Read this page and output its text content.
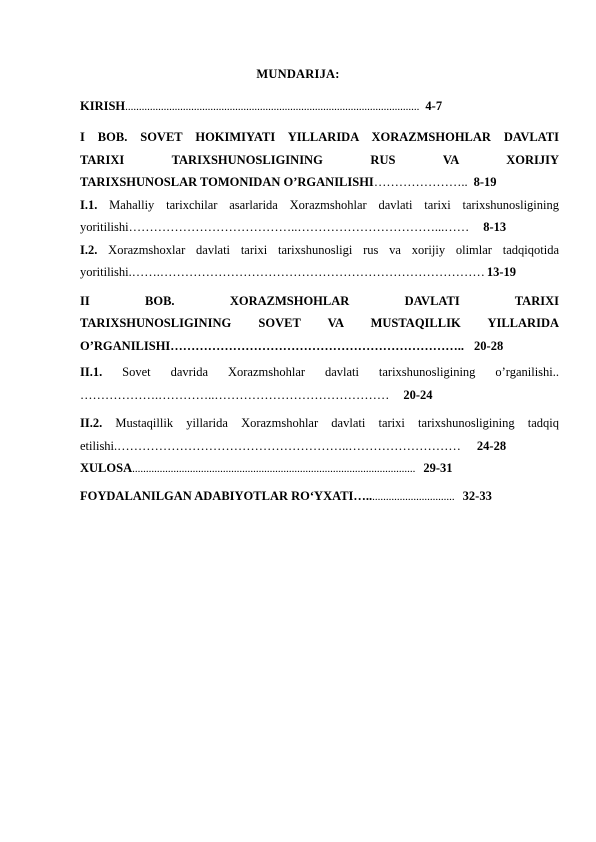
MUNDARIJA:
KIRISH........................................................................................................... 4-7
I BOB. SOVET HOKIMIYATI YILLARIDA XORAZMSHOHLAR DAVLATI
TARIXI TARIXSHUNOSLIGINING RUS VA XORIJIY
TARIXSHUNOSLAR TOMONIDAN O’RGANILISHI………………….. 8-19
I.1. Mahalliy tarixchilar asarlarida Xorazmshohlar davlati tarixi tarixshunosligining
yoritilishi…………………………………..……………………………...…… 8-13
I.2. Xorazmshoxlar davlati tarixi tarixshunosligi rus va xorijiy olimlar tadqiqotida
yoritilishi.…….…………………………………………………………………… 13-19
II BOB. XORAZMSHOHLAR DAVLATI TARIXI
TARIXSHUNOSLIGINING SOVET VA MUSTAQILLIK YILLARIDA
O’RGANILISHI…………………………………………………………….. 20-28
II.1. Sovet davrida Xorazmshohlar davlati tarixshunosligining o’rganilishi..
……………….…………..…………………………………… 20-24
II.2. Mustaqillik yillarida Xorazmshohlar davlati tarixi tarixshunosligining tadqiq
etilishi.………………………………………………..……………………… 24-28
XULOSA....................................................................................................... 29-31
FOYDALANILGAN ADABIYOTLAR RO‘YXATI…................................ 32-33
